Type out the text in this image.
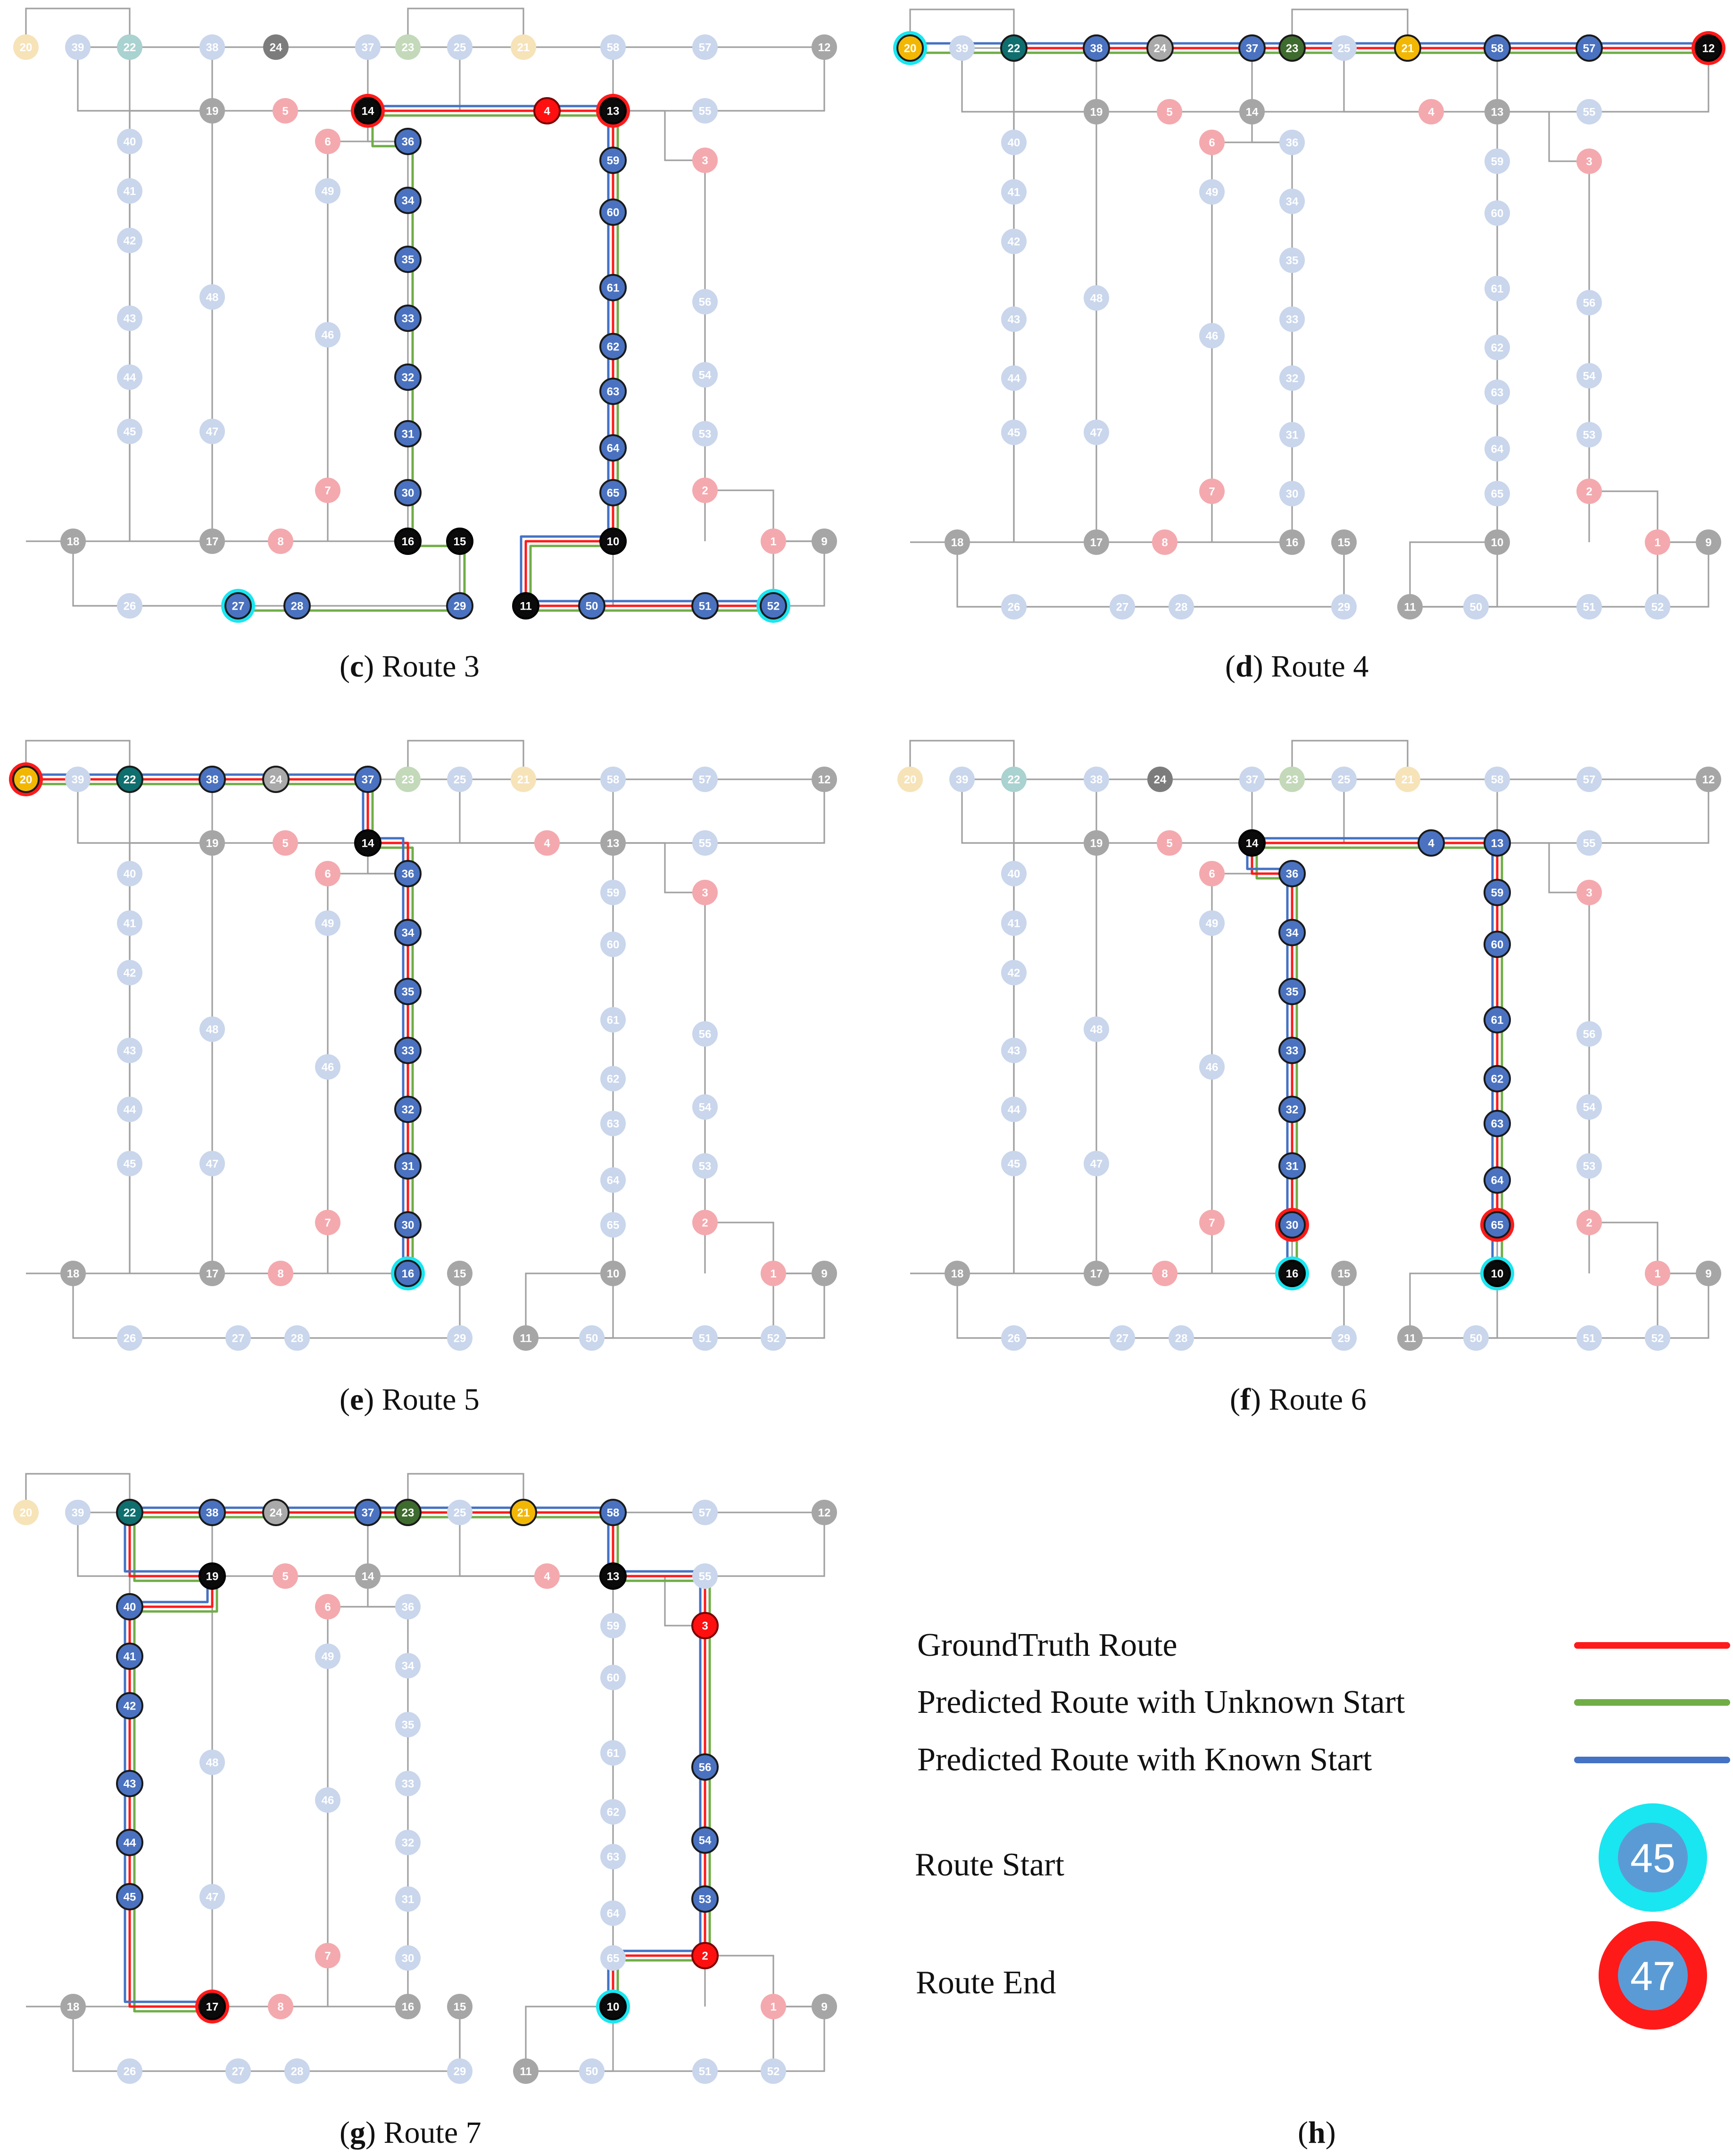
1
2
3
4
5
6
7
8	9
10
11
12
13
14
15
16
17
18
19
20	21
22	23
24	25
26	27	28	29
30
31
32
33
34
35
36
37
38
39
40
41
42
43
44
45
46
47
48
49
50	51	52
53
54
55
56
57
58
59
60
61
62
63
64
65
1
2
3
4
5
6
7
8	9
10
11
12
13
14
15
16
17
18
19
20	21
22	23
24	25
26	27	28	29
30
31
32
33
34
35
36
37
38
39
40
41
42
43
44
45
46
47
48
49
50	51	52
53
54
55
56
57
58
59
60
61
62
63
64
65
1
2
3
4
5
6
7
8	9
10
11
12
13
14
15
16
17
18
19
20	21
22	23
24	25
26	27	28	29
30
31
32
33
34
35
36
37
38
39
40
41
42
43
44
45
46
47
48
49
50	51	52
53
54
55
56
57
58
59
60
61
62
63
64
65
1
2
3
4
5
6
7
8	9
10
11
12
13
14
15
16
17
18
19
20	21
22	23
24	25
26	27	28	29
30
31
32
33
34
35
36
37
38
39
40
41
42
43
44
45
46
47
48
49
50	51	52
53
54
55
56
57
58
59
60
61
62
63
64
65
1
2
3
4
5
6
7
8	9
10
11
12
13
14
15
16
17
18
19
20	21
22	23
24	25
26	27	28	29
30
31
32
33
34
35
36
37
38
39
40
41
42
43
44
45
46
47
48
49
50	51	52
53
54
55
56
57
58
59
60
61
62
63
64
65
(c) Route 3	(d) Route 4
(e) Route 5	(f) Route 6
(g) Route 7	(h)
GroundTruth Route
Predicted Route with Unknown Start
Predicted Route with Known Start
Route Start	45
Route End	47
